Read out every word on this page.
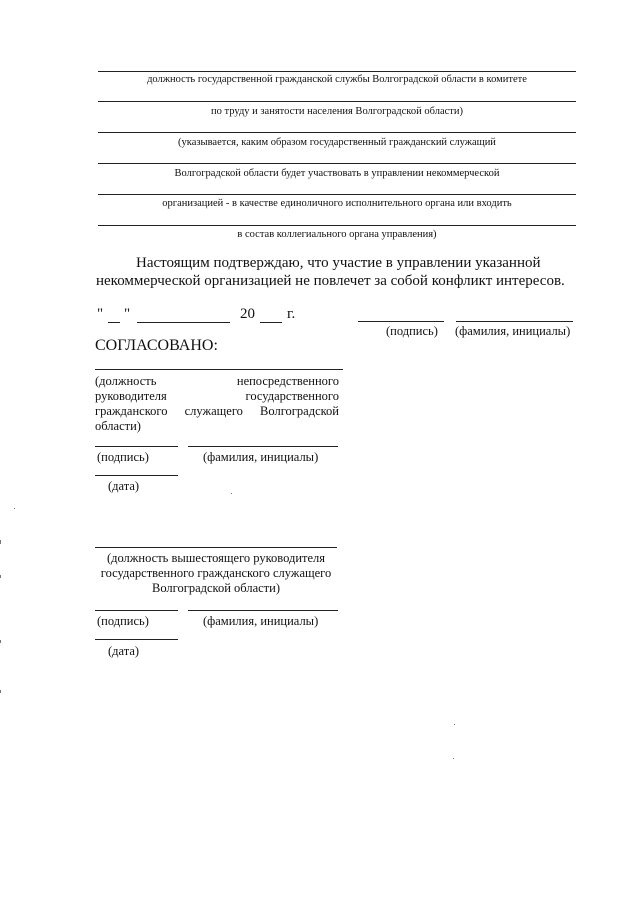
должность государственной гражданской службы Волгоградской области в комитете
по труду и занятости населения Волгоградской области)
(указывается, каким образом государственный гражданский служащий
Волгоградской области будет участвовать в управлении некоммерческой
организацией - в качестве единоличного исполнительного органа или входить
в состав коллегиального органа управления)
Настоящим подтверждаю, что участие в управлении указанной
некоммерческой организацией не повлечет за собой конфликт интересов.
" "	20 г.
(подпись) (фамилия, инициалы)
СОГЛАСОВАНО:
(должность непосредственного
руководителя государственного
гражданского служащего Волгоградской
области)
(подпись)	(фамилия, инициалы)
(дата)
(должность вышестоящего руководителя
государственного гражданского служащего
Волгоградской области)
(подпись)	(фамилия, инициалы)
(дата)
